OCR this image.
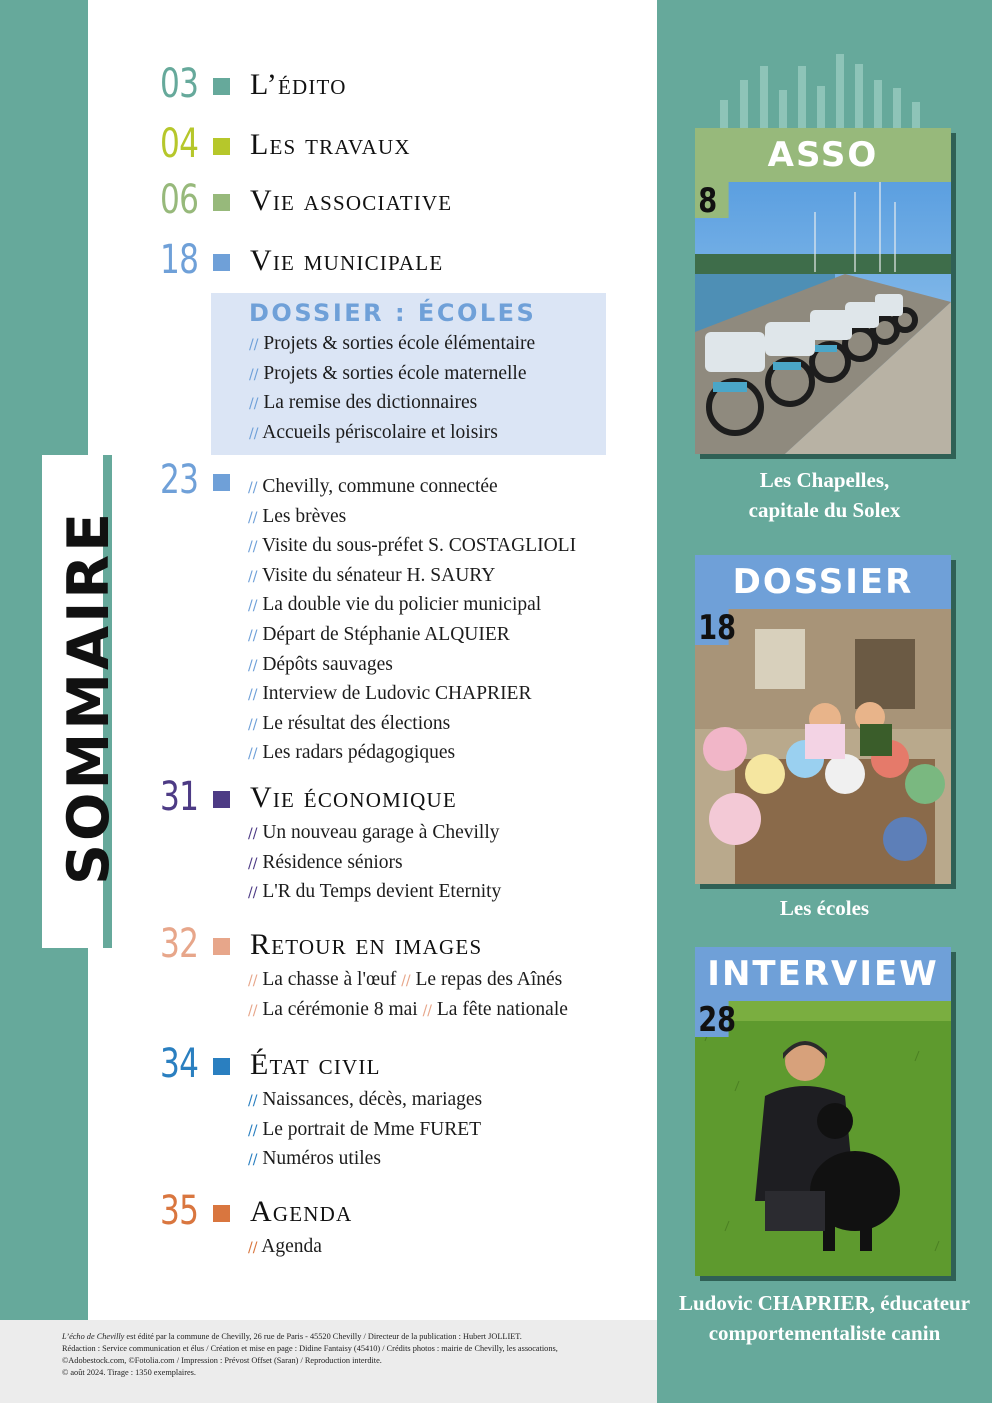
SOMMAIRE
03 L’édito
04 Les travaux
06 Vie associative
18 Vie municipale
DOSSIER : ÉCOLES
// Projets & sorties école élémentaire
// Projets & sorties école maternelle
// La remise des dictionnaires
// Accueils périscolaire et loisirs
23	// Chevilly, commune connectée
// Les brèves
// Visite du sous-préfet S. COSTAGLIOLI
// Visite du sénateur H. SAURY
// La double vie du policier municipal
// Départ de Stéphanie ALQUIER
// Dépôts sauvages
// Interview de Ludovic CHAPRIER
// Le résultat des élections
// Les radars pédagogiques
31 Vie économique
// Un nouveau garage à Chevilly
// Résidence séniors
// L'R du Temps devient Eternity
32 Retour en images
// La chasse à l'œuf // Le repas des Aînés
// La cérémonie 8 mai // La fête nationale
34 État civil
// Naissances, décès, mariages
// Le portrait de Mme FURET
// Numéros utiles
35 Agenda
// Agenda
ASSO
8
Les Chapelles,
capitale du Solex
DOSSIER
18
Les écoles
INTERVIEW
28
Ludovic CHAPRIER, éducateur
comportementaliste canin
L’écho de Chevilly est édité par la commune de Chevilly, 26 rue de Paris - 45520 Chevilly / Directeur de la publication : Hubert JOLLIET.
Rédaction : Service communication et élus / Création et mise en page : Didine Fantaisy (45410) / Crédits photos : mairie de Chevilly, les assocations,
©Adobestock.com, ©Fotolia.com / Impression : Prévost Offset (Saran) / Reproduction interdite.
© août 2024. Tirage : 1350 exemplaires.
